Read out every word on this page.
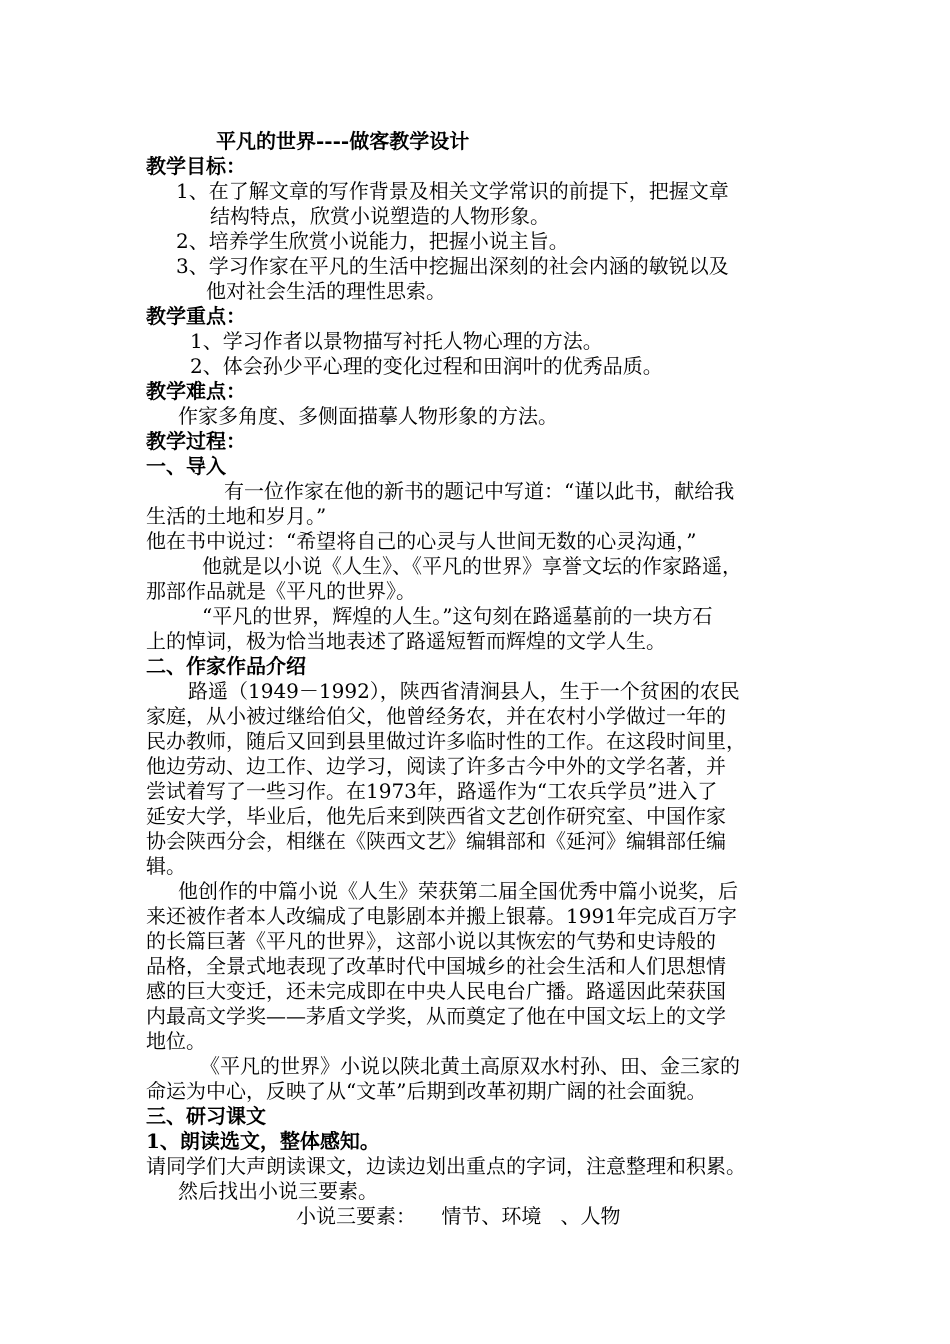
平凡的世界----做客教学设计
教学目标：
1、在了解文章的写作背景及相关文学常识的前提下，把握文章
结构特点，欣赏小说塑造的人物形象。
2、培养学生欣赏小说能力，把握小说主旨。
3、学习作家在平凡的生活中挖掘出深刻的社会内涵的敏锐以及
他对社会生活的理性思索。
教学重点：
1、学习作者以景物描写衬托人物心理的方法。
2、体会孙少平心理的变化过程和田润叶的优秀品质。
教学难点：
作家多角度、多侧面描摹人物形象的方法。
教学过程：
一、导入
有一位作家在他的新书的题记中写道：“谨以此书，献给我
生活的土地和岁月。”
他在书中说过：“希望将自己的心灵与人世间无数的心灵沟通，”
他就是以小说《人生》、《平凡的世界》享誉文坛的作家路遥，
那部作品就是《平凡的世界》。
“平凡的世界，辉煌的人生。”这句刻在路遥墓前的一块方石
上的悼词，极为恰当地表述了路遥短暂而辉煌的文学人生。
二、作家作品介绍
路遥（1949－1992），陕西省清涧县人，生于一个贫困的农民
家庭，从小被过继给伯父，他曾经务农，并在农村小学做过一年的
民办教师，随后又回到县里做过许多临时性的工作。在这段时间里，
他边劳动、边工作、边学习，阅读了许多古今中外的文学名著，并
尝试着写了一些习作。在1973年，路遥作为“工农兵学员”进入了
延安大学，毕业后，他先后来到陕西省文艺创作研究室、中国作家
协会陕西分会，相继在《陕西文艺》编辑部和《延河》编辑部任编
辑。
他创作的中篇小说《人生》荣获第二届全国优秀中篇小说奖，后
来还被作者本人改编成了电影剧本并搬上银幕。1991年完成百万字
的长篇巨著《平凡的世界》，这部小说以其恢宏的气势和史诗般的
品格，全景式地表现了改革时代中国城乡的社会生活和人们思想情
感的巨大变迁，还未完成即在中央人民电台广播。路遥因此荣获国
内最高文学奖——茅盾文学奖，从而奠定了他在中国文坛上的文学
地位。
《平凡的世界》小说以陕北黄土高原双水村孙、田、金三家的
命运为中心，反映了从“文革”后期到改革初期广阔的社会面貌。
三、研习课文
1、朗读选文，整体感知。
请同学们大声朗读课文，边读边划出重点的字词，注意整理和积累。
然后找出小说三要素。
小说三要素：    情节、环境   、人物
